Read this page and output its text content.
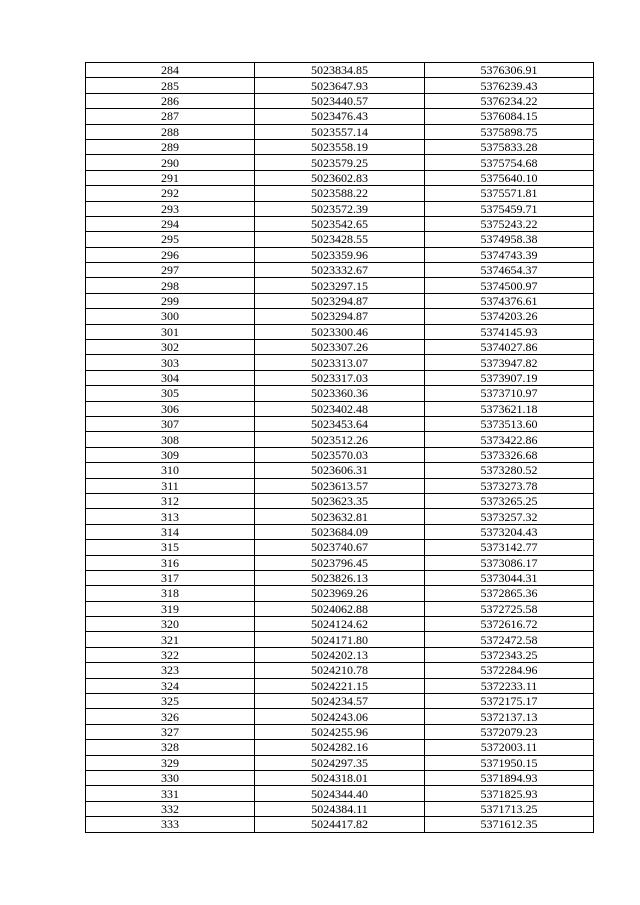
284	5023834.85	5376306.91
285	5023647.93	5376239.43
286	5023440.57	5376234.22
287	5023476.43	5376084.15
288	5023557.14	5375898.75
289	5023558.19	5375833.28
290	5023579.25	5375754.68
291	5023602.83	5375640.10
292	5023588.22	5375571.81
293	5023572.39	5375459.71
294	5023542.65	5375243.22
295	5023428.55	5374958.38
296	5023359.96	5374743.39
297	5023332.67	5374654.37
298	5023297.15	5374500.97
299	5023294.87	5374376.61
300	5023294.87	5374203.26
301	5023300.46	5374145.93
302	5023307.26	5374027.86
303	5023313.07	5373947.82
304	5023317.03	5373907.19
305	5023360.36	5373710.97
306	5023402.48	5373621.18
307	5023453.64	5373513.60
308	5023512.26	5373422.86
309	5023570.03	5373326.68
310	5023606.31	5373280.52
311	5023613.57	5373273.78
312	5023623.35	5373265.25
313	5023632.81	5373257.32
314	5023684.09	5373204.43
315	5023740.67	5373142.77
316	5023796.45	5373086.17
317	5023826.13	5373044.31
318	5023969.26	5372865.36
319	5024062.88	5372725.58
320	5024124.62	5372616.72
321	5024171.80	5372472.58
322	5024202.13	5372343.25
323	5024210.78	5372284.96
324	5024221.15	5372233.11
325	5024234.57	5372175.17
326	5024243.06	5372137.13
327	5024255.96	5372079.23
328	5024282.16	5372003.11
329	5024297.35	5371950.15
330	5024318.01	5371894.93
331	5024344.40	5371825.93
332	5024384.11	5371713.25
333	5024417.82	5371612.35
